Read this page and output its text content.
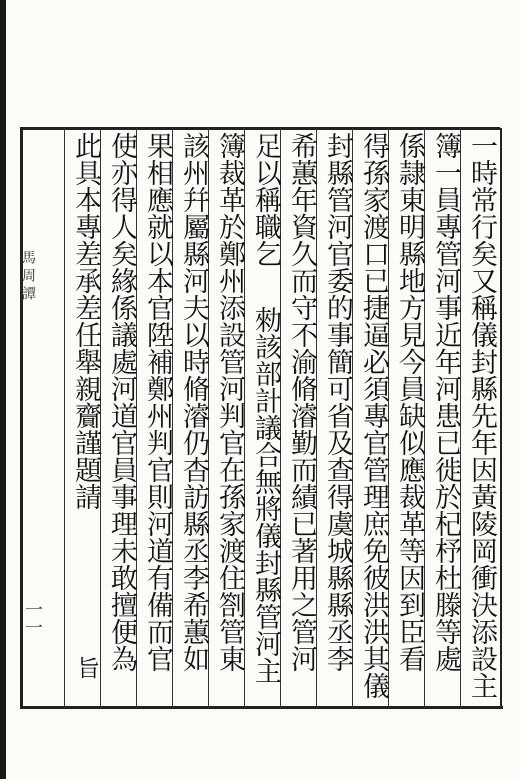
馬周譚	一時常行矣又稱儀封縣先年因黃陵岡衝決添設主
簿一員專管河事近年河患已徙於杞杼杜滕等處
係隷東明縣地方見今員缺似應裁革等因到臣看
得孫家渡口已捷逼必須專官管理庶免彼洪洪其儀
封縣管河官委的事簡可省及查得虞城縣縣丞李
希蕙年資久而守不渝脩濬勤而績已著用之管河
足以稱職乞
勑該部計議合無將儀封縣管河主
簿裁革於鄭州添設管河判官在孫家渡住劄管東
該州幷屬縣河夫以時脩濬仍杳訪縣丞李希蕙如
果相應就以本官陞補鄭州判官則河道有備而官
使亦得人矣緣係議處河道官員事理未敢擅便為
此具本專差承差任舉親齎謹題請
旨
一一
